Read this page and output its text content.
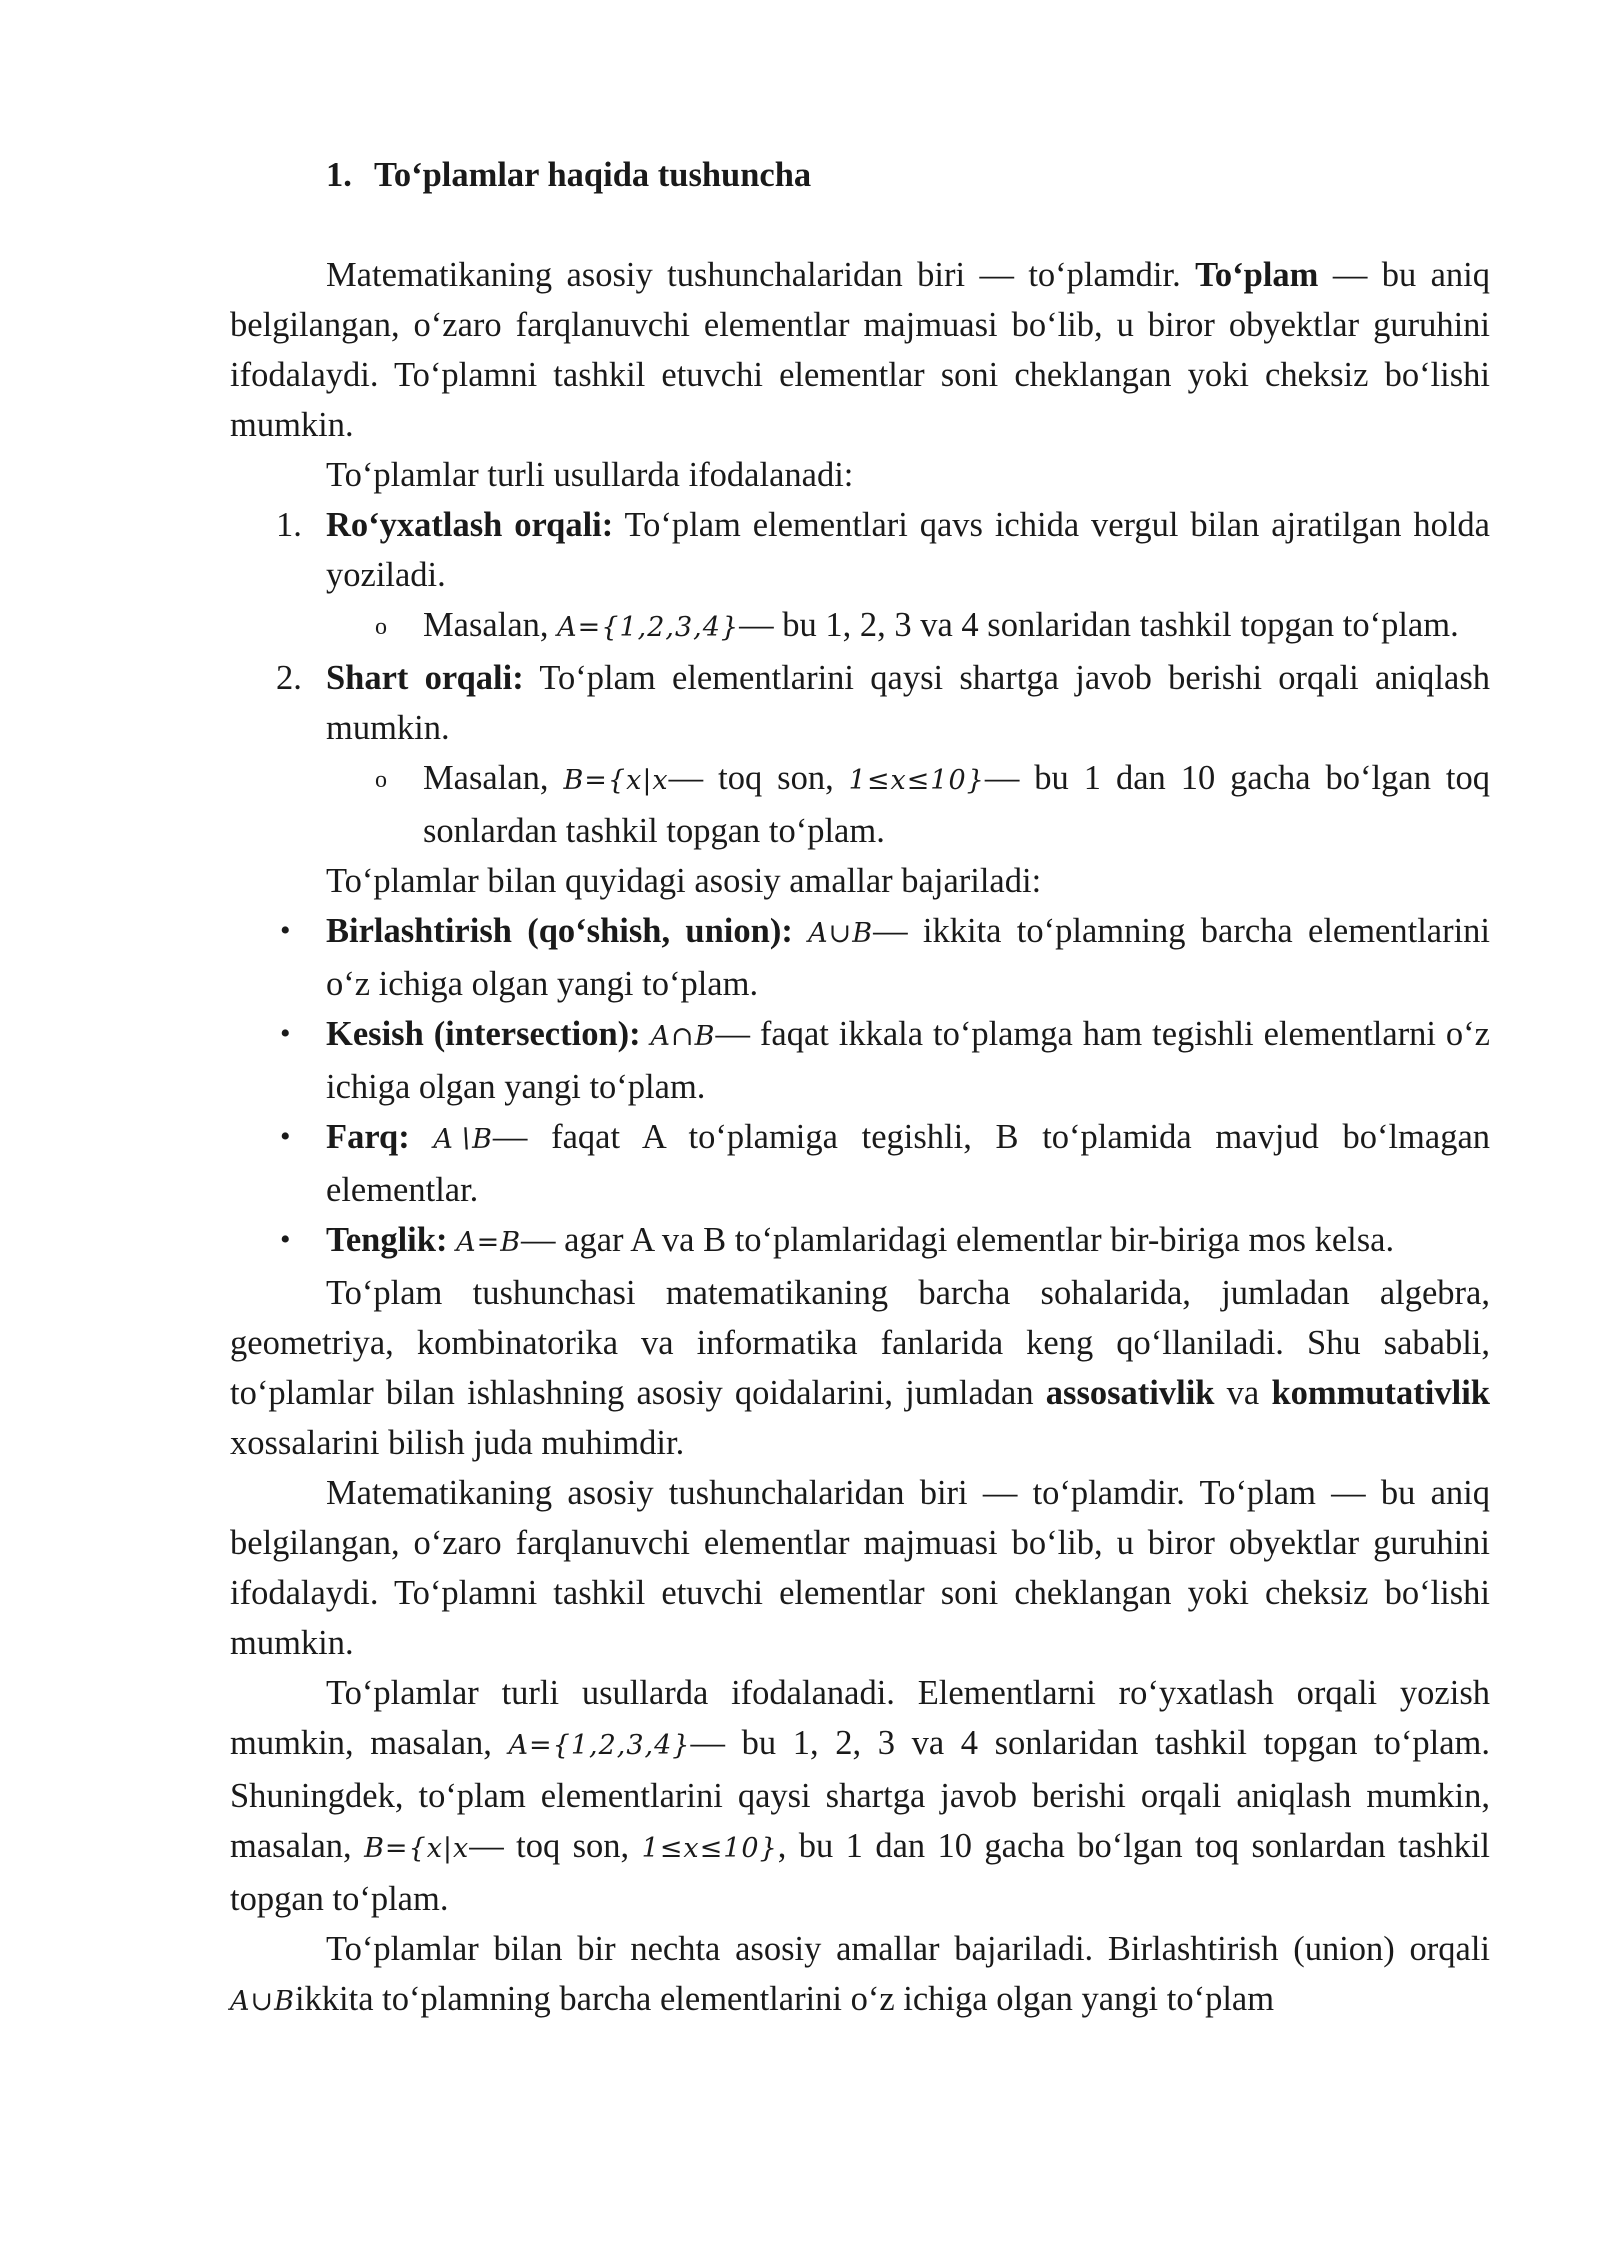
1. To‘plamlar haqida tushuncha

Matematikaning asosiy tushunchalaridan biri — to‘plamdir. To‘plam — bu aniq belgilangan, o‘zaro farqlanuvchi elementlar majmuasi bo‘lib, u biror obyektlar guruhini ifodalaydi. To‘plamni tashkil etuvchi elementlar soni cheklangan yoki cheksiz bo‘lishi mumkin.

To‘plamlar turli usullarda ifodalanadi:

1. Ro‘yxatlash orqali: To‘plam elementlari qavs ichida vergul bilan ajratilgan holda yoziladi.
o Masalan, A={1,2,3,4}— bu 1, 2, 3 va 4 sonlaridan tashkil topgan to‘plam.
2. Shart orqali: To‘plam elementlarini qaysi shartga javob berishi orqali aniqlash mumkin.
o Masalan, B={x|x— toq son, 1≤x≤10}— bu 1 dan 10 gacha bo‘lgan toq sonlardan tashkil topgan to‘plam.

To‘plamlar bilan quyidagi asosiy amallar bajariladi:

• Birlashtirish (qo‘shish, union): A∪B— ikkita to‘plamning barcha elementlarini o‘z ichiga olgan yangi to‘plam.
• Kesish (intersection): A∩B— faqat ikkala to‘plamga ham tegishli elementlarni o‘z ichiga olgan yangi to‘plam.
• Farq: A∖B— faqat A to‘plamiga tegishli, B to‘plamida mavjud bo‘lmagan elementlar.
• Tenglik: A=B— agar A va B to‘plamlaridagi elementlar bir-biriga mos kelsa.

To‘plam tushunchasi matematikaning barcha sohalarida, jumladan algebra, geometriya, kombinatorika va informatika fanlarida keng qo‘llaniladi. Shu sababli, to‘plamlar bilan ishlashning asosiy qoidalarini, jumladan assosativlik va kommutativlik xossalarini bilish juda muhimdir.

Matematikaning asosiy tushunchalaridan biri — to‘plamdir. To‘plam — bu aniq belgilangan, o‘zaro farqlanuvchi elementlar majmuasi bo‘lib, u biror obyektlar guruhini ifodalaydi. To‘plamni tashkil etuvchi elementlar soni cheklangan yoki cheksiz bo‘lishi mumkin.

To‘plamlar turli usullarda ifodalanadi. Elementlarni ro‘yxatlash orqali yozish mumkin, masalan, A={1,2,3,4}— bu 1, 2, 3 va 4 sonlaridan tashkil topgan to‘plam. Shuningdek, to‘plam elementlarini qaysi shartga javob berishi orqali aniqlash mumkin, masalan, B={x|x— toq son, 1≤x≤10}, bu 1 dan 10 gacha bo‘lgan toq sonlardan tashkil topgan to‘plam.

To‘plamlar bilan bir nechta asosiy amallar bajariladi. Birlashtirish (union) orqali A∪Bikkita to‘plamning barcha elementlarini o‘z ichiga olgan yangi to‘plam
